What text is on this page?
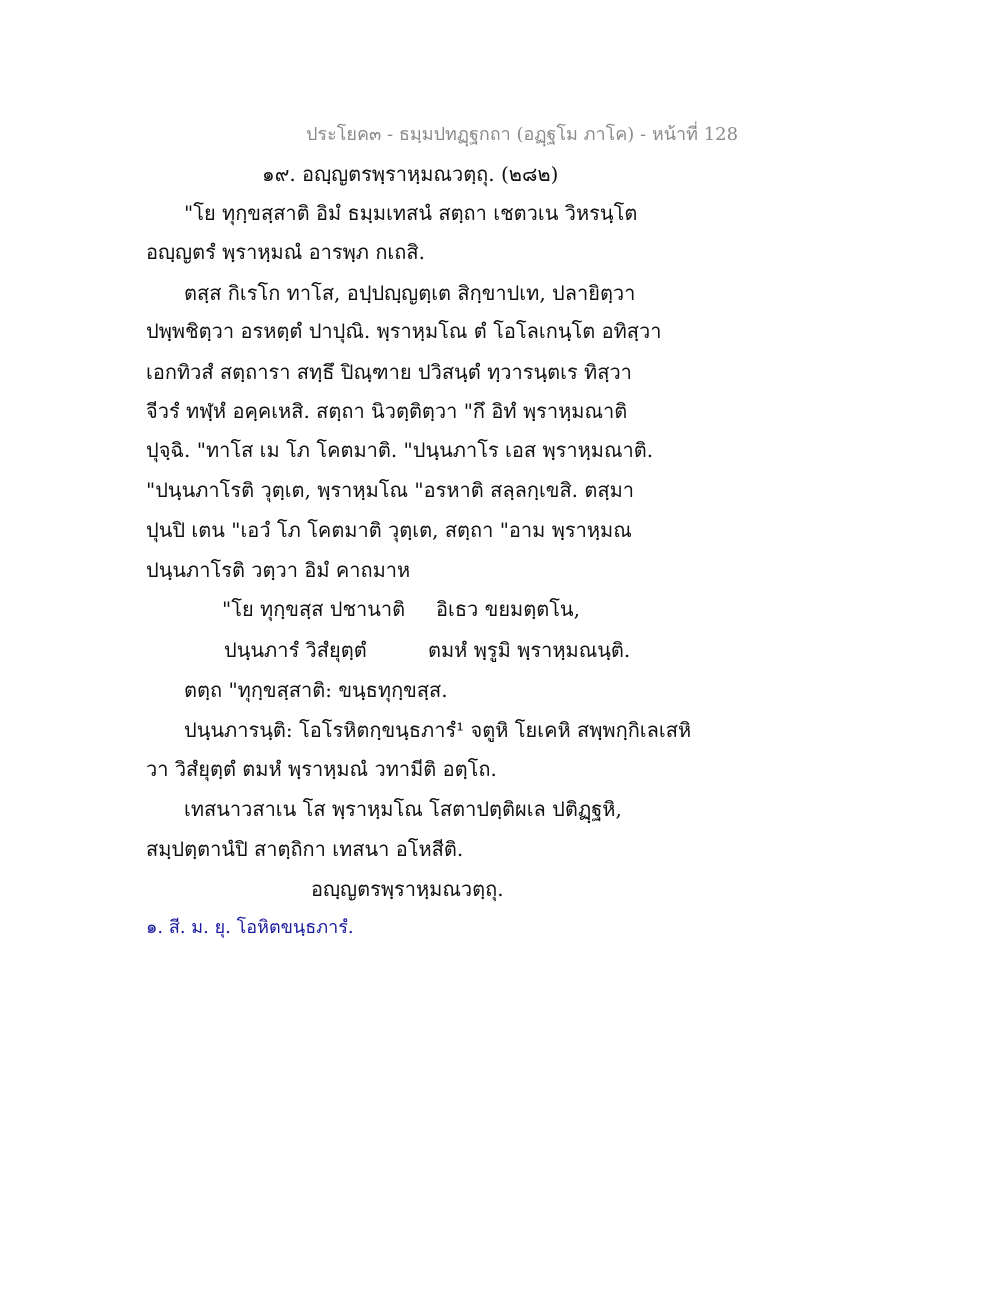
ประโยค๓ - ธมฺมปทฏฺฐกถา (อฏฺฐโม ภาโค) - หน้าที่ 128
๑๙. อญฺญตรพฺราหฺมณวตฺถุ. (๒๘๒)
"โย ทุกฺขสฺสาติ อิมํ ธมฺมเทสนํ สตฺถา เชตวเน วิหรนฺโต
อญฺญตรํ พฺราหฺมณํ อารพฺภ กเถสิ.
ตสฺส กิเรโก ทาโส, อปฺปญฺญตฺเต สิกฺขาปเท, ปลายิตฺวา
ปพฺพชิตฺวา อรหตฺตํ ปาปุณิ. พฺราหฺมโณ ตํ โอโลเกนฺโต อทิสฺวา
เอกทิวสํ สตฺถารา สทฺธึ ปิณฺฑาย ปวิสนฺตํ ทฺวารนฺตเร ทิสฺวา
จีวรํ ทฬฺหํ อคฺคเหสิ. สตฺถา นิวตฺติตฺวา "กึ อิทํ พฺราหฺมณาติ
ปุจฺฉิ. "ทาโส เม โภ โคตมาติ. "ปนฺนภาโร เอส พฺราหฺมณาติ.
"ปนฺนภาโรติ วุตฺเต, พฺราหฺมโณ "อรหาติ สลฺลกฺเขสิ. ตสฺมา
ปุนปิ เตน "เอวํ โภ โคตมาติ วุตฺเต, สตฺถา "อาม พฺราหฺมณ
ปนฺนภาโรติ วตฺวา อิมํ คาถมาห
"โย ทุกฺขสฺส ปชานาติ อิเธว ขยมตฺตโน,
ปนฺนภารํ วิสํยุตฺตํ	ตมหํ พฺรูมิ พฺราหฺมณนฺติ.
ตตฺถ "ทุกฺขสฺสาติ: ขนฺธทุกฺขสฺส.
ปนฺนภารนฺติ: โอโรหิตกฺขนฺธภารํ¹ จตูหิ โยเคหิ สพฺพกฺกิเลเสหิ
วา วิสํยุตฺตํ ตมหํ พฺราหฺมณํ วทามีติ อตฺโถ.
เทสนาวสาเน โส พฺราหฺมโณ โสตาปตฺติผเล ปติฏฺฐหิ,
สมฺปตฺตานํปิ สาตฺถิกา เทสนา อโหสีติ.
อญฺญตรพฺราหฺมณวตฺถุ.
๑. สี. ม. ยุ. โอหิตขนฺธภารํ.
